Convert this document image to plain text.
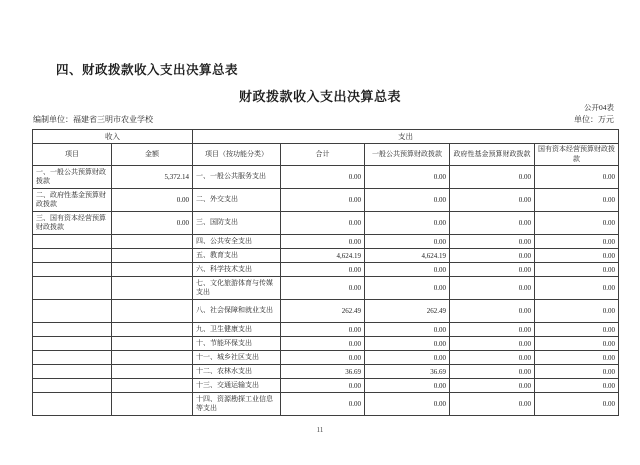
四、财政拨款收入支出决算总表
财政拨款收入支出决算总表
公开04表
编制单位：福建省三明市农业学校	单位：万元
收入		支出				
项目	金额	项目（按功能分类）	合计	一般公共预算财政拨款	政府性基金预算财政拨款	国有资本经营预算财政拨款
一、一般公共预算财政拨款	5,372.14	一、一般公共服务支出	0.00	0.00	0.00	0.00
二、政府性基金预算财政拨款	0.00	二、外交支出	0.00	0.00	0.00	0.00
三、国有资本经营预算财政拨款	0.00	三、国防支出	0.00	0.00	0.00	0.00
		四、公共安全支出	0.00	0.00	0.00	0.00
		五、教育支出	4,624.19	4,624.19	0.00	0.00
		六、科学技术支出	0.00	0.00	0.00	0.00
		七、文化旅游体育与传媒支出	0.00	0.00	0.00	0.00
		八、社会保障和就业支出	262.49	262.49	0.00	0.00
		九、卫生健康支出	0.00	0.00	0.00	0.00
		十、节能环保支出	0.00	0.00	0.00	0.00
		十一、城乡社区支出	0.00	0.00	0.00	0.00
		十二、农林水支出	36.69	36.69	0.00	0.00
		十三、交通运输支出	0.00	0.00	0.00	0.00
		十四、资源勘探工业信息等支出	0.00	0.00	0.00	0.00
11
